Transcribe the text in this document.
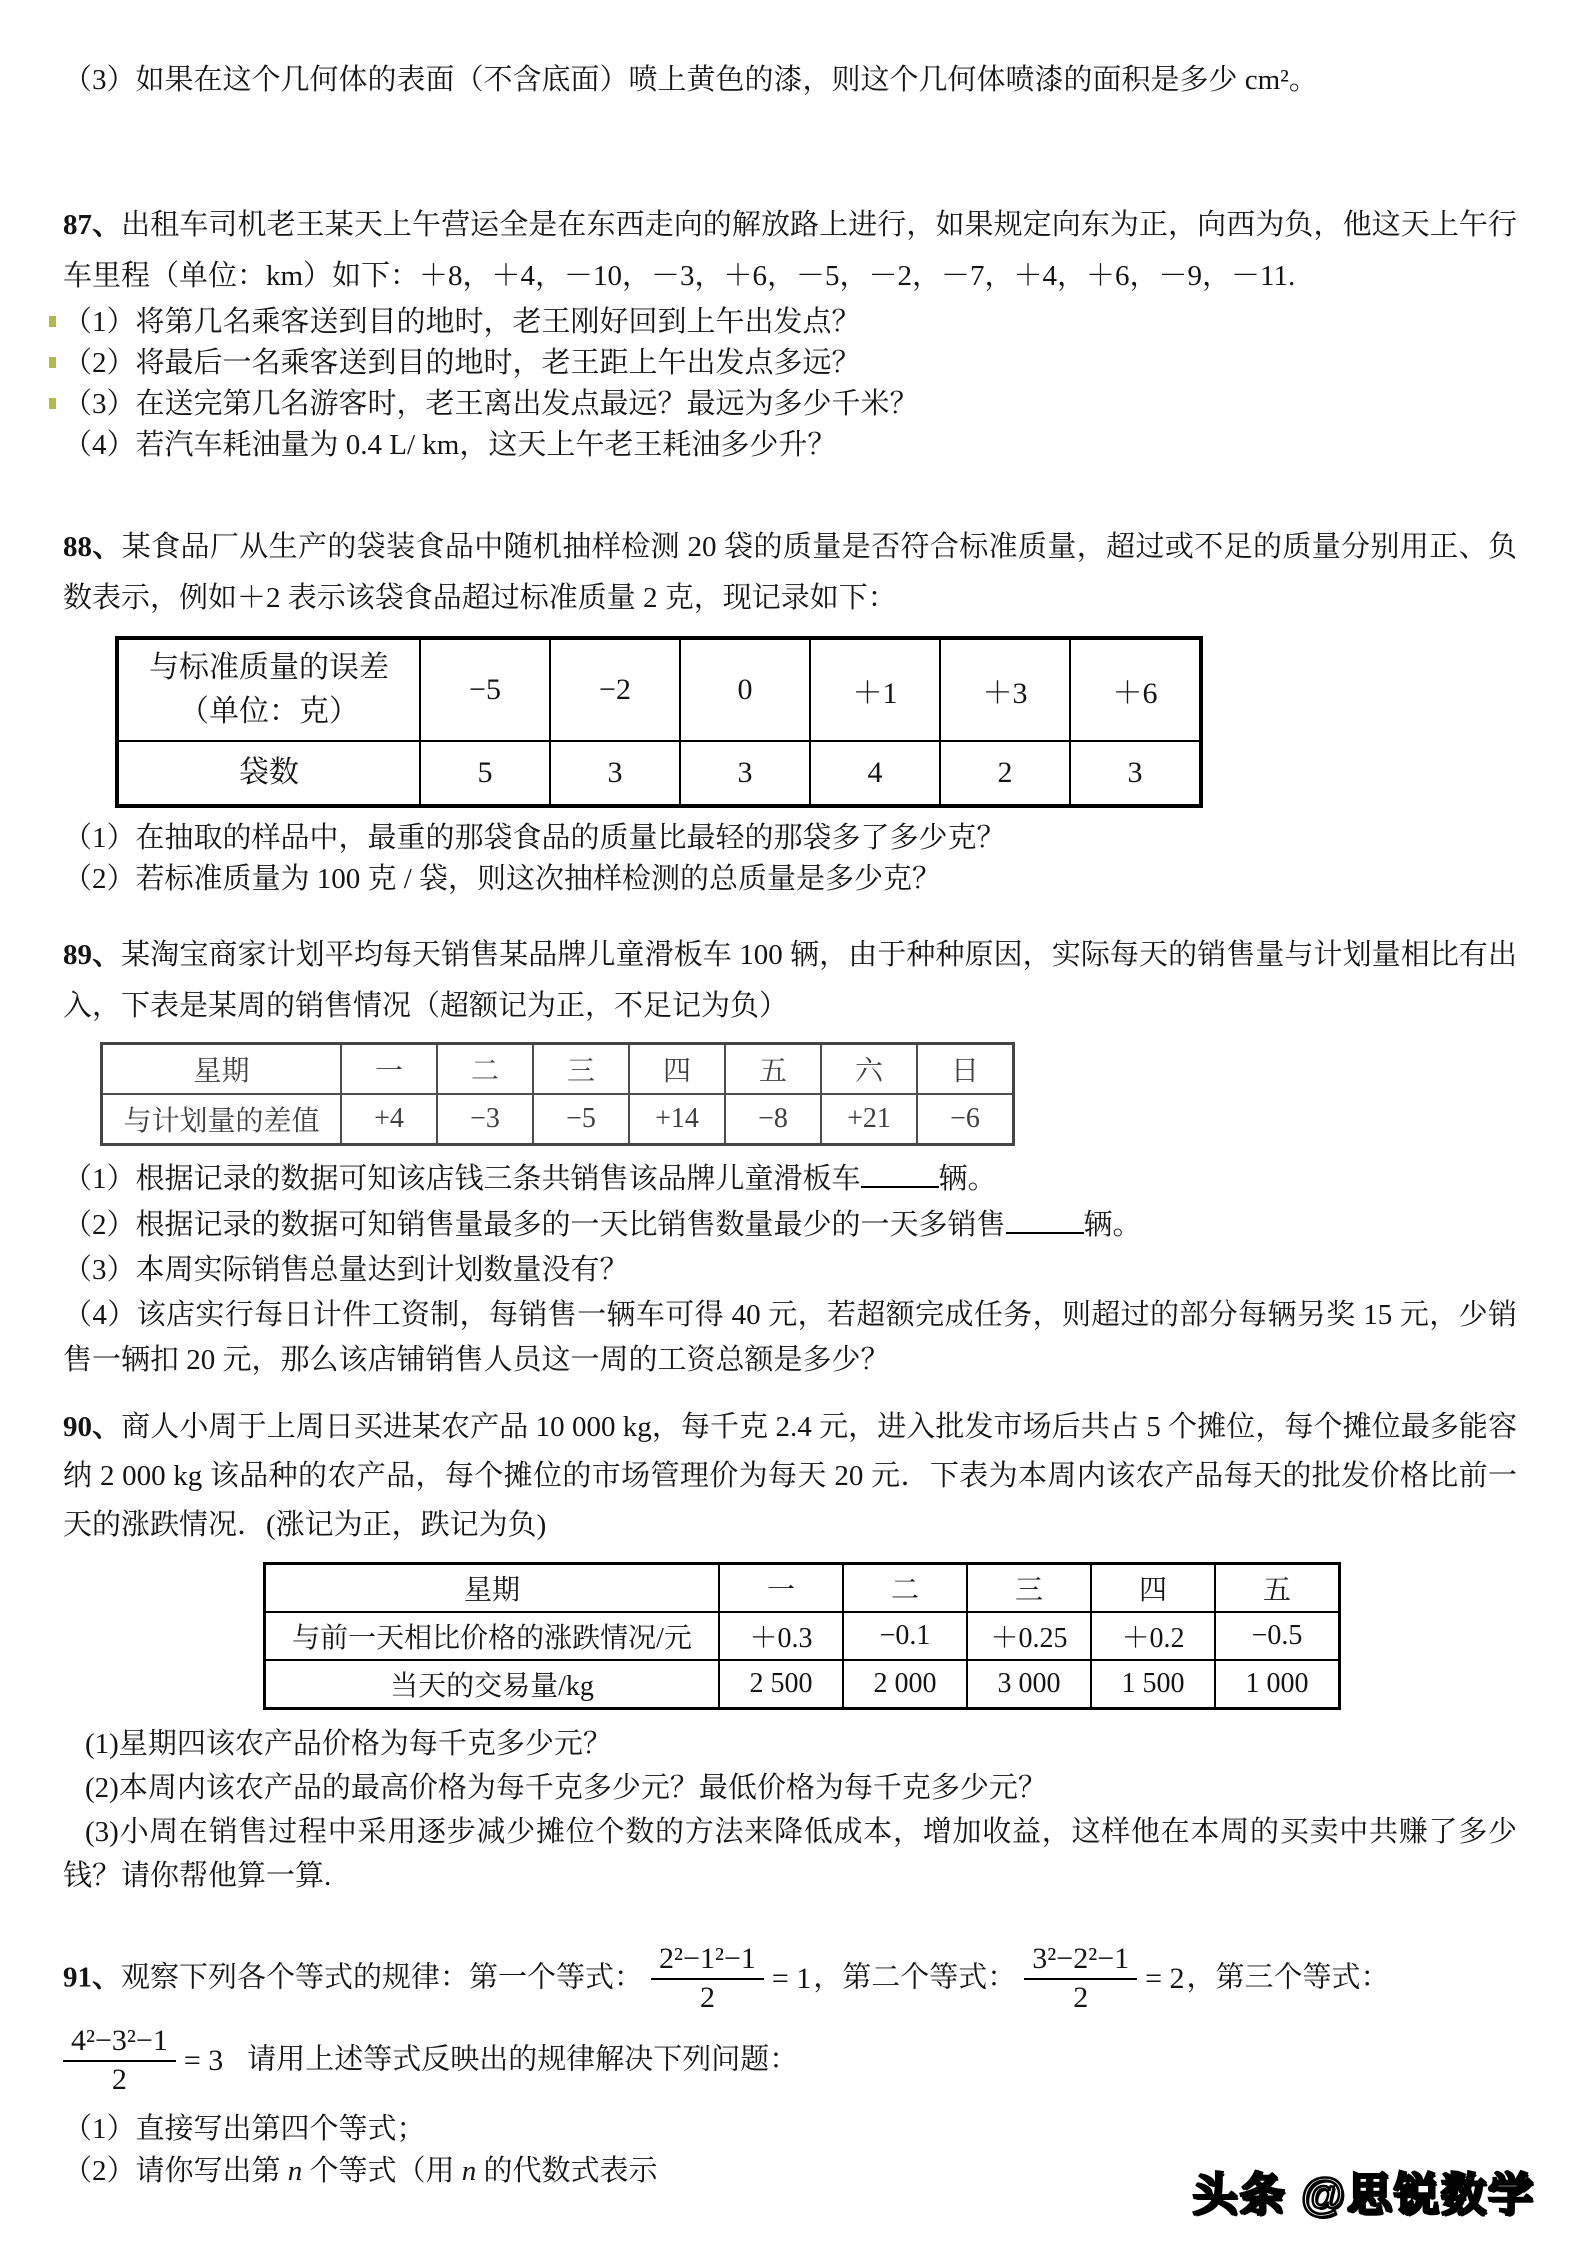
（3）如果在这个几何体的表面（不含底面）喷上黄色的漆，则这个几何体喷漆的面积是多少 cm²。

87、出租车司机老王某天上午营运全是在东西走向的解放路上进行，如果规定向东为正，向西为负，他这天上午行车里程（单位：km）如下：＋8，＋4，－10，－3，＋6，－5，－2，－7，＋4，＋6，－9，－11.

（1）将第几名乘客送到目的地时，老王刚好回到上午出发点？
（2）将最后一名乘客送到目的地时，老王距上午出发点多远？
（3）在送完第几名游客时，老王离出发点最远？最远为多少千米？
（4）若汽车耗油量为 0.4 L/ km，这天上午老王耗油多少升？

88、某食品厂从生产的袋装食品中随机抽样检测 20 袋的质量是否符合标准质量，超过或不足的质量分别用正、负数表示，例如＋2 表示该袋食品超过标准质量 2 克，现记录如下：

与标准质量的误差
（单位：克）	−5	−2	0	＋1	＋3	＋6
袋数	5	3	3	4	2	3
（1）在抽取的样品中，最重的那袋食品的质量比最轻的那袋多了多少克？
（2）若标准质量为 100 克 / 袋，则这次抽样检测的总质量是多少克？

89、某淘宝商家计划平均每天销售某品牌儿童滑板车 100 辆，由于种种原因，实际每天的销售量与计划量相比有出入，下表是某周的销售情况（超额记为正，不足记为负）

星期	一	二	三	四	五	六	日
与计划量的差值	+4	−3	−5	+14	−8	+21	−6
（1）根据记录的数据可知该店钱三条共销售该品牌儿童滑板车	辆。
（2）根据记录的数据可知销售量最多的一天比销售数量最少的一天多销售	辆。
（3）本周实际销售总量达到计划数量没有？
（4）该店实行每日计件工资制，每销售一辆车可得 40 元，若超额完成任务，则超过的部分每辆另奖 15 元，少销售一辆扣 20 元，那么该店铺销售人员这一周的工资总额是多少？

90、商人小周于上周日买进某农产品 10 000 kg，每千克 2.4 元，进入批发市场后共占 5 个摊位，每个摊位最多能容纳 2 000 kg 该品种的农产品，每个摊位的市场管理价为每天 20 元．下表为本周内该农产品每天的批发价格比前一天的涨跌情况．(涨记为正，跌记为负)

星期	一	二	三	四	五
与前一天相比价格的涨跌情况/元	＋0.3	−0.1	＋0.25	＋0.2	−0.5
当天的交易量/kg	2 500	2 000	3 000	1 500	1 000
(1)星期四该农产品价格为每千克多少元？
(2)本周内该农产品的最高价格为每千克多少元？最低价格为每千克多少元？
(3)小周在销售过程中采用逐步减少摊位个数的方法来降低成本，增加收益，这样他在本周的买卖中共赚了多少钱？请你帮他算一算.
91、观察下列各个等式的规律：第一个等式： $\frac{\text{2²−1²−1}}{2} = 1$，第二个等式： $\frac{\text{3²−2²−1}}{2} = 2$，第三个等式：
$\frac{\text{4²−3²−1}}{2} = 3$ 请用上述等式反映出的规律解决下列问题：
（1）直接写出第四个等式；
（2）请你写出第 n 个等式（用 n 的代数式表示	头条 @思锐数学
